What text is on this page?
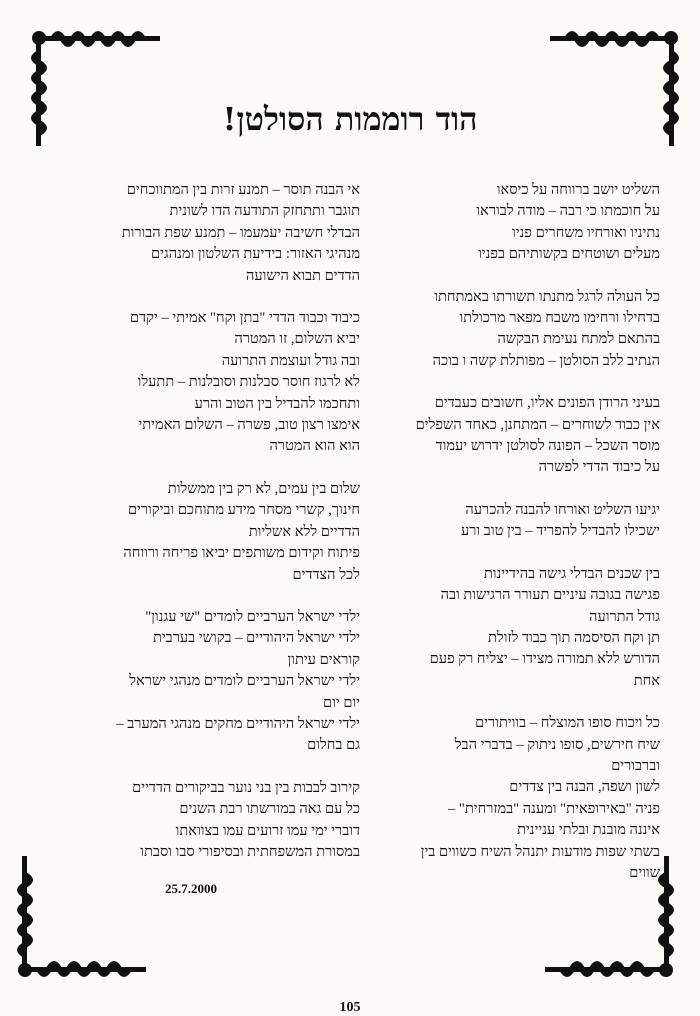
הוד רוממות הסולטן!
השליט יושב ברווחה על כיסאו
על חוכמתו כי רבה – מודה לבוראו
נתיניו ואורחיו משחרים פניו
מעלים ושוטחים בקשותיהם בפניו
כל העולה לרגל מתנתו תשורתו באמתחתו
בדחילו ורחימו משבח מפאר מרכולתו
בהתאם למתח נעימת הבקשה
הנתיב ללב הסולטן – מפותלת קשה ו בוכה
בעיני הרודן הפונים אליו, חשובים כעבדים
אין כבוד לשוחרים – המתחנן, כאחד השפלים
מוסר השכל – הפונה לסולטן ידרוש יעמוד
על כיבוד הדדי לפשרה
יגיעו השליט ואורחו להבנה להכרעה
ישכילו להבדיל להפריד – בין טוב ורע
בין שכנים הבדלי גישה בהידיינות
פגישה בגובה עיניים תעורר הרגישות ובה
גודל התרועה
תן וקח הסיסמה תוך כבוד לזולת
הדורש ללא תמורה מצידו – יצליח רק פעם
אחת
כל ויכוח סופו המוצלח – בוויתורים
שיח חירשים, סופו ניתוק – בדברי הבל
וברבורים
לשון ושפה, הבנה בין צדדים
פניה "באירופאית" ומענה "במזרחית" –
איננה מובנת ובלתי עניינית
בשתי שפות מודעות יתנהל השיח כשווים בין
שווים
אי הבנה תוסר – תמנע זרות בין המתווכחים
תוגבר ותתחזק התודעה הדו לשונית
הבדלי חשיבה יעמעמו – תמנע שפת הבורות
מנהיגי האזור: בידיעת השלטון ומנהגים
הדדים תבוא הישועה
כיבוד וכבוד הדדי "בתן וקח" אמיתי – יקדם
יביא השלום, זו המטרה
ובה גודל ועוצמת התרועה
לא לרגוז חוסר סבלנות וסובלנות – תתעלו
ותחכמו להבדיל בין הטוב והרע
אימצו רצון טוב, פשרה – השלום האמיתי
הוא הוא המטרה
שלום בין עמים, לא רק בין ממשלות
חינוך, קשרי מסחר מידע מתוחכם וביקורים
הדדיים ללא אשליות
פיתוח וקידום משותפים יביאו פריחה ורווחה
לכל הצדדים
ילדי ישראל הערביים לומדים "שי עגנון"
ילדי ישראל היהודיים – בקושי בערבית
קוראים עיתון
ילדי ישראל הערביים לומדים מנהגי ישראל
יום יום
ילדי ישראל היהודיים מחקים מנהגי המערב –
גם בחלום
קירוב לבבות בין בני נוער בביקורים הדדיים
כל עם גאה במורשתו רבת השנים
דוברי ימי עמו זרועים עמו בצוואתו
במסורת המשפחתית ובסיפורי סבו וסבתו
25.7.2000
105
